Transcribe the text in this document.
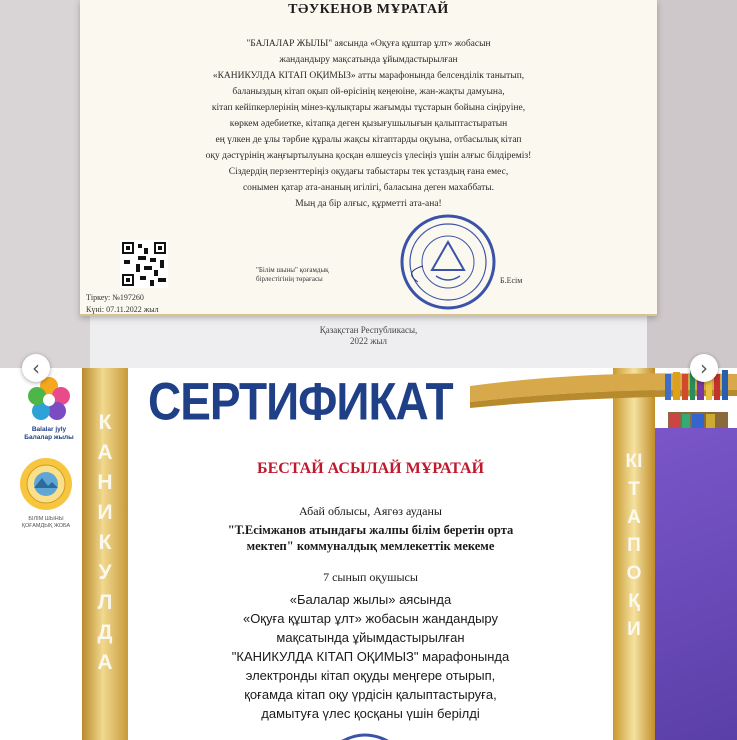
ТӘУКЕНОВ МҰРАТАЙ
"БАЛАЛАР ЖЫЛЫ" аясында «Оқуға құштар ұлт» жобасын
жандандыру мақсатында ұйымдастырылған
«КАНИКУЛДА КІТАП ОҚИМЫЗ» атты марафонында белсенділік танытып,
баланыздың кітап оқып ой-өрісінің кеңеюіне, жан-жақты дамуына,
кітап кейіпкерлерінің мінез-құлықтары жағымды тұстарын бойына сіңіруіне,
көркем әдебиетке, кітапқа деген қызығушылығын қалыптастыратын
ең үлкен де ұлы тәрбие құралы жақсы кітаптарды оқуына, отбасылық кітап
оқу дәстүрінің жаңғыртылуына қосқан өлшеусіз үлесіңіз үшін алғыс білдіреміз!
Сіздердің перзенттеріңіз оқудағы табыстары тек ұстаздың ғана емес,
сонымен қатар ата-ананың игілігі, баласына деген махаббаты.
Мың да бір алғыс, құрметті ата-ана!
"Білім шыны" қоғамдық
бірлестігінің төрағасы	Б.Есім
Тіркеу: №197260
Күні: 07.11.2022 жыл
Қазақстан Республикасы,
2022 жыл
‹	›
Balalar jyly
Балалар жылы
БІЛІМ ШЫНЫ
ҚОҒАМДЫҚ ЖОБА
КАНИКУЛДА
СЕРТИФИКАТ
КІТАП ОҚИ
БЕСТАЙ АСЫЛАЙ МҰРАТАЙ
Абай облысы, Аягөз ауданы
"Т.Есімжанов атындағы жалпы білім беретін орта
мектеп" коммуналдық мемлекеттік мекеме
7 сынып оқушысы
«Балалар жылы» аясында
«Оқуға құштар ұлт» жобасын жандандыру
мақсатында ұйымдастырылған
"КАНИКУЛДА КІТАП ОҚИМЫЗ" марафонында
электронды кітап оқуды меңгере отырып,
қоғамда кітап оқу үрдісін қалыптастыруға,
дамытуға үлес қосқаны үшін берілді
